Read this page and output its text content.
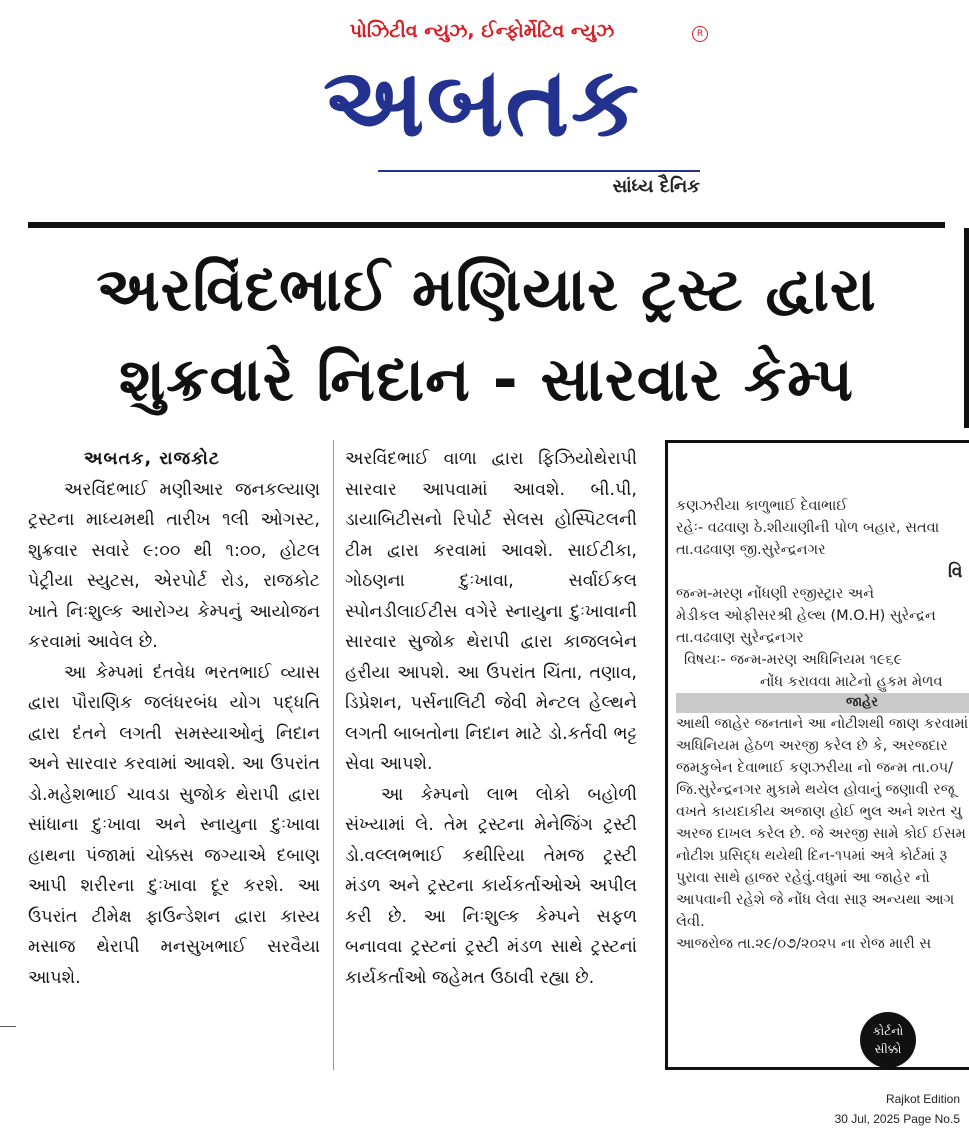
પોઝિટીવ ન્યુઝ, ઈન્ફોર્મેટિવ ન્યુઝ
અબતક
R
સાંધ્ય દૈનિક
અરવિંદભાઈ મણિયાર ટ્રસ્ટ દ્વારા
શુક્રવારે નિદાન - સારવાર કેમ્પ

અબતક, રાજકોટ

અરવિંદભાઈ મણીઆર જનકલ્યાણ ટ્રસ્ટના માધ્યમથી તારીખ ૧લી ઓગસ્ટ, શુક્રવાર સવારે ૯:૦૦ થી ૧:૦૦, હોટલ પેટ્રીયા સ્યુટસ, એરપોર્ટ રોડ, રાજકોટ ખાતે નિઃશુલ્ક આરોગ્ય કેમ્પનું આયોજન કરવામાં આવેલ છે.

આ કેમ્પમાં દંતવેધ ભરતભાઈ વ્યાસ દ્વારા પૌરાણિક જલંધરબંધ યોગ પદ્ધતિ દ્વારા દંતને લગતી સમસ્યાઓનું નિદાન અને સારવાર કરવામાં આવશે. આ ઉપરાંત ડો.મહેશભાઈ ચાવડા સુજોક થેરાપી દ્વારા સાંધાના દુઃખાવા અને સ્નાયુના દુઃખાવા હાથના પંજામાં ચોક્કસ જગ્યાએ દબાણ આપી શરીરના દુઃખાવા દૂર કરશે. આ ઉપરાંત ટીમેક્ષ ફાઉન્ડેશન દ્વારા કાસ્ય મસાજ થેરાપી મનસુખભાઈ સરવૈયા આપશે.

અરવિંદભાઈ વાળા દ્વારા ફિઝિયોથેરાપી સારવાર આપવામાં આવશે. બી.પી, ડાયાબિટીસનો રિપોર્ટ સેલસ હોસ્પિટલની ટીમ દ્વારા કરવામાં આવશે. સાઈટીકા, ગોઠણના દુઃખાવા, સર્વાઈકલ સ્પોનડીલાઈટીસ વગેરે સ્નાયુના દુઃખાવાની સારવાર સુજોક થેરાપી દ્વારા કાજલબેન હરીયા આપશે. આ ઉપરાંત ચિંતા, તણાવ, ડિપ્રેશન, પર્સનાલિટી જેવી મેન્ટલ હેલ્થને લગતી બાબતોના નિદાન માટે ડો.કર્તવી ભટ્ટ સેવા આપશે.

આ કેમ્પનો લાભ લોકો બહોળી સંખ્યામાં લે. તેમ ટ્રસ્ટના મેનેજિંગ ટ્રસ્ટી ડો.વલ્લભભાઈ કથીરિયા તેમજ ટ્રસ્ટી મંડળ અને ટ્રસ્ટના કાર્યકર્તાઓએ અપીલ કરી છે. આ નિઃશુલ્ક કેમ્પને સફળ બનાવવા ટ્રસ્ટનાં ટ્રસ્ટી મંડળ સાથે ટ્રસ્ટનાં કાર્યકર્તાઓ જહેમત ઉઠાવી રહ્યા છે.

કણઝરીયા કાળુભાઈ દેવાભાઈ
રહેઃ- વઢવાણ ઠે.શીયાણીની પોળ બહાર, સતવા
તા.વઢવાણ જી.સુરેન્દ્રનગર
વિ
જન્મ-મરણ નોંધણી રજીસ્ટ્રાર અને
મેડીકલ ઓફીસરશ્રી હેલ્થ (M.O.H) સુરેન્દ્રન
તા.વઢવાણ સુરેન્દ્રનગર
વિષયઃ- જન્મ-મરણ અધિનિયમ ૧૯૬૯
નોંધ કરાવવા માટેનો હુકમ મેળવ
જાહેર
આથી જાહેર જનતાને આ નોટીશથી જાણ કરવામાં
અધિનિયમ હેઠળ અરજી કરેલ છે કે, અરજદાર
જમકુબેન દેવાભાઈ કણઝરીયા નો જન્મ તા.૦૫/
જિ.સુરેન્દ્રનગર મુકામે થયેલ હોવાનું જણાવી રજૂ
વખતે કાયદાકીય અજાણ હોઈ ભુલ અને શરત ચુ
અરજ દાખલ કરેલ છે. જે અરજી સામે કોઈ ઈસમ
નોટીશ પ્રસિદ્ધ થયેથી દિન-૧૫માં અત્રે કોર્ટમાં રૂ
પુરાવા સાથે હાજર રહેવું.વધુમાં આ જાહેર નો
આપવાની રહેશે જે નોંધ લેવા સારૂ અન્યથા આગ
લેવી.
આજરોજ તા.૨૯/૦૭/૨૦૨૫ ના રોજ મારી સ
કોર્ટનો
સીક્કો
Rajkot Edition
30 Jul, 2025 Page No.5
